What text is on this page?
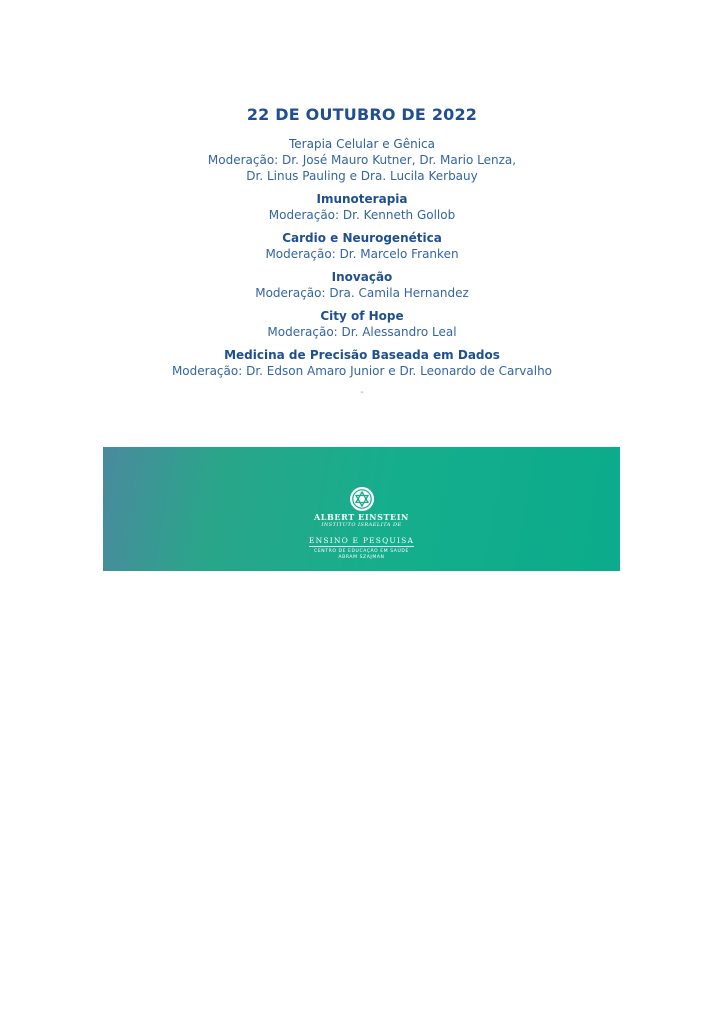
22 DE OUTUBRO DE 2022
Terapia Celular e Gênica
Moderação: Dr. José Mauro Kutner, Dr. Mario Lenza,
Dr. Linus Pauling e Dra. Lucila Kerbauy
Imunoterapia
Moderação: Dr. Kenneth Gollob
Cardio e Neurogenética
Moderação: Dr. Marcelo Franken
Inovação
Moderação: Dra. Camila Hernandez
City of Hope
Moderação: Dr. Alessandro Leal
Medicina de Precisão Baseada em Dados
Moderação: Dr. Edson Amaro Junior e Dr. Leonardo de Carvalho
-
ALBERT EINSTEIN
INSTITUTO ISRAELITA DE
ENSINO E PESQUISA
CENTRO DE EDUCAÇÃO EM SAÚDE
ABRAM SZAJMAN
